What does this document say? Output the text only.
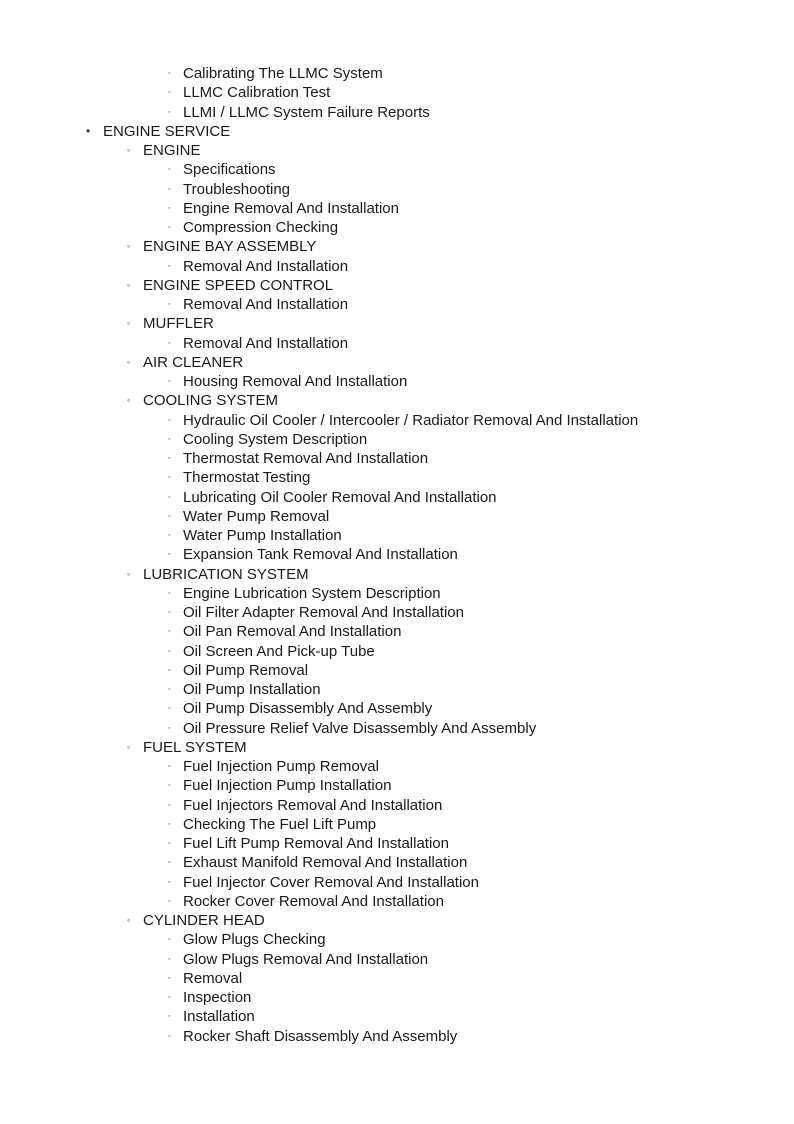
◦ Calibrating The LLMC System
◦ LLMC Calibration Test
◦ LLMI / LLMC System Failure Reports
• ENGINE SERVICE
◦ ENGINE
◦ Specifications
◦ Troubleshooting
◦ Engine Removal And Installation
◦ Compression Checking
◦ ENGINE BAY ASSEMBLY
◦ Removal And Installation
◦ ENGINE SPEED CONTROL
◦ Removal And Installation
◦ MUFFLER
◦ Removal And Installation
◦ AIR CLEANER
◦ Housing Removal And Installation
◦ COOLING SYSTEM
◦ Hydraulic Oil Cooler / Intercooler / Radiator Removal And Installation
◦ Cooling System Description
◦ Thermostat Removal And Installation
◦ Thermostat Testing
◦ Lubricating Oil Cooler Removal And Installation
◦ Water Pump Removal
◦ Water Pump Installation
◦ Expansion Tank Removal And Installation
◦ LUBRICATION SYSTEM
◦ Engine Lubrication System Description
◦ Oil Filter Adapter Removal And Installation
◦ Oil Pan Removal And Installation
◦ Oil Screen And Pick-up Tube
◦ Oil Pump Removal
◦ Oil Pump Installation
◦ Oil Pump Disassembly And Assembly
◦ Oil Pressure Relief Valve Disassembly And Assembly
◦ FUEL SYSTEM
◦ Fuel Injection Pump Removal
◦ Fuel Injection Pump Installation
◦ Fuel Injectors Removal And Installation
◦ Checking The Fuel Lift Pump
◦ Fuel Lift Pump Removal And Installation
◦ Exhaust Manifold Removal And Installation
◦ Fuel Injector Cover Removal And Installation
◦ Rocker Cover Removal And Installation
◦ CYLINDER HEAD
◦ Glow Plugs Checking
◦ Glow Plugs Removal And Installation
◦ Removal
◦ Inspection
◦ Installation
◦ Rocker Shaft Disassembly And Assembly
